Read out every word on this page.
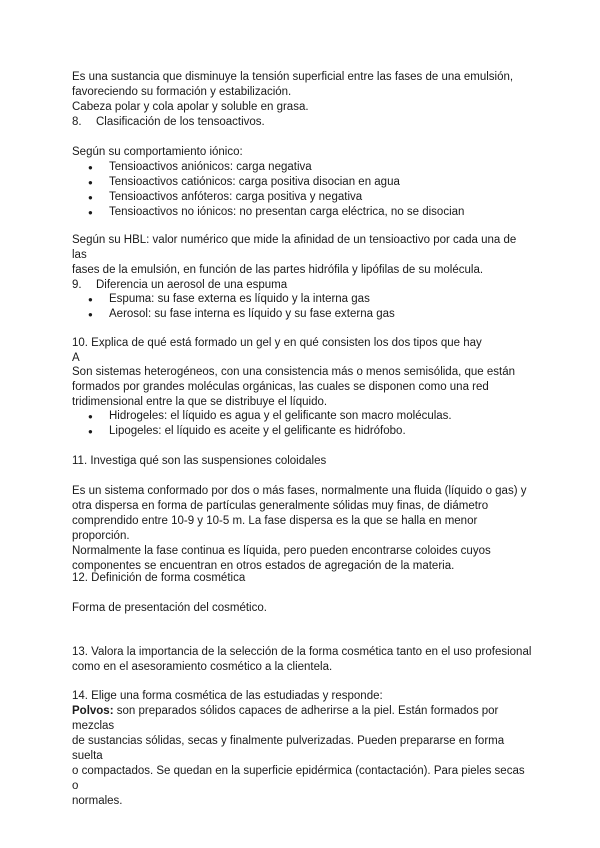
Es una sustancia que disminuye la tensión superficial entre las fases de una emulsión,

favoreciendo su formación y estabilización.

Cabeza polar y cola apolar y soluble en grasa.

8. Clasificación de los tensoactivos.

Según su comportamiento iónico:
● Tensioactivos aniónicos: carga negativa
● Tensioactivos catiónicos: carga positiva disocian en agua
● Tensioactivos anfóteros: carga positiva y negativa
● Tensioactivos no iónicos: no presentan carga eléctrica, no se disocian

Según su HBL: valor numérico que mide la afinidad de un tensioactivo por cada una de las

fases de la emulsión, en función de las partes hidrófila y lipófilas de su molécula.

9. Diferencia un aerosol de una espuma

● Espuma: su fase externa es líquido y la interna gas
● Aerosol: su fase interna es líquido y su fase externa gas

10. Explica de qué está formado un gel y en qué consisten los dos tipos que hay

A

Son sistemas heterogéneos, con una consistencia más o menos semisólida, que están

formados por grandes moléculas orgánicas, las cuales se disponen como una red

tridimensional entre la que se distribuye el líquido.

● Hidrogeles: el líquido es agua y el gelificante son macro moléculas.
● Lipogeles: el líquido es aceite y el gelificante es hidrófobo.
11. Investiga qué son las suspensiones coloidales

Es un sistema conformado por dos o más fases, normalmente una fluida (líquido o gas) y

otra dispersa en forma de partículas generalmente sólidas muy finas, de diámetro

comprendido entre 10-9 y 10-5 m. La fase dispersa es la que se halla en menor proporción.

Normalmente la fase continua es líquida, pero pueden encontrarse coloides cuyos

componentes se encuentran en otros estados de agregación de la materia.

12. Definición de forma cosmética
Forma de presentación del cosmético.

13. Valora la importancia de la selección de la forma cosmética tanto en el uso profesional

como en el asesoramiento cosmético a la clientela.

14. Elige una forma cosmética de las estudiadas y responde:

Polvos: son preparados sólidos capaces de adherirse a la piel. Están formados por mezclas

de sustancias sólidas, secas y finalmente pulverizadas. Pueden prepararse en forma suelta

o compactados. Se quedan en la superficie epidérmica (contactación). Para pieles secas o

normales.
